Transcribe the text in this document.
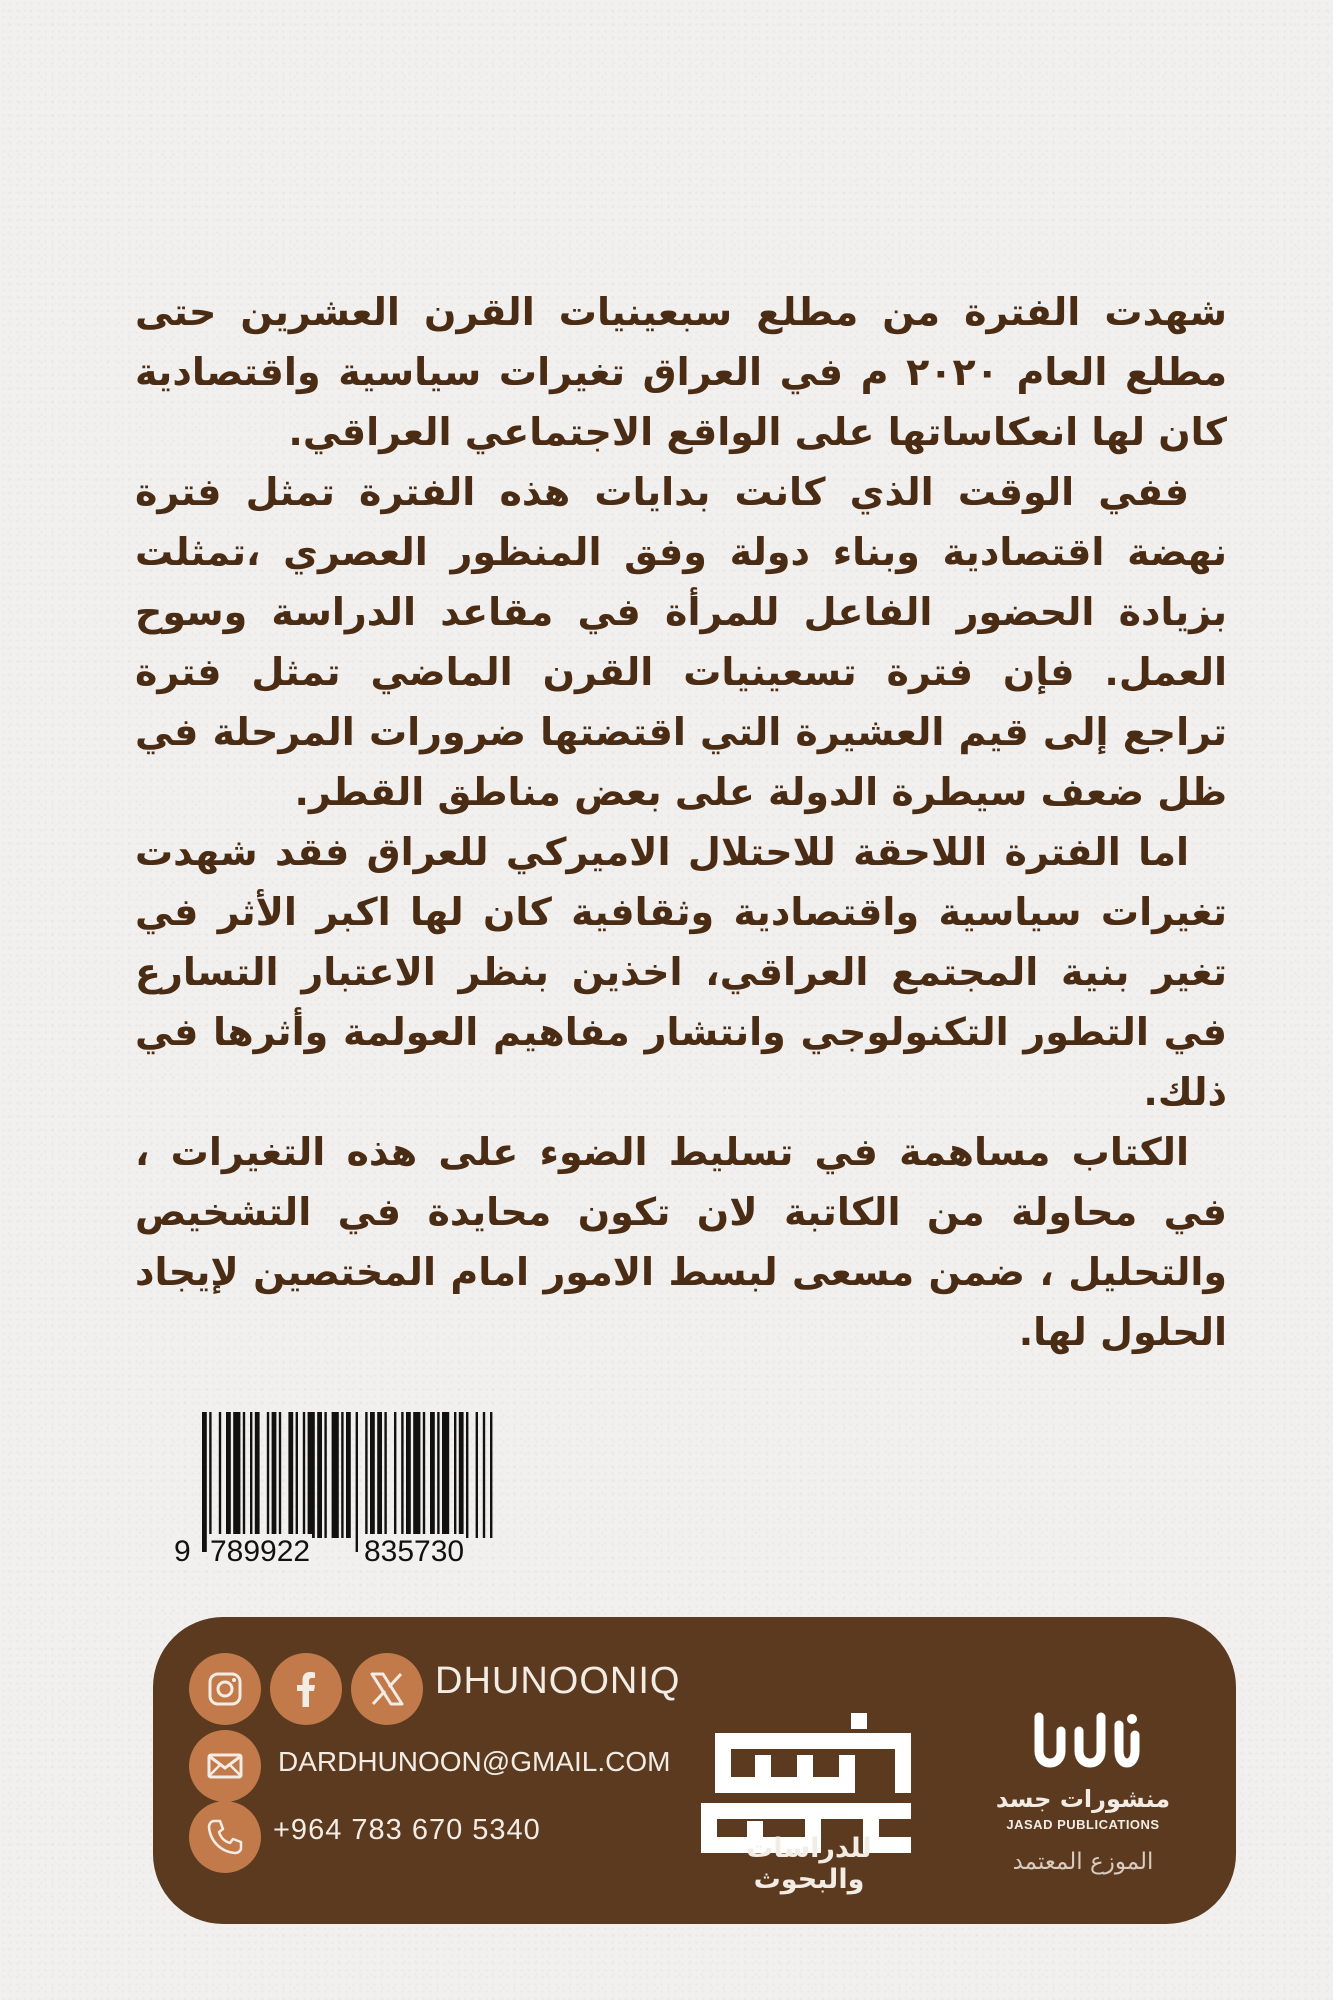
شهدت الفترة من مطلع سبعينيات القرن العشرين حتى مطلع العام ٢٠٢٠ م في العراق تغيرات سياسية واقتصادية كان لها انعكاساتها على الواقع الاجتماعي العراقي.

ففي الوقت الذي كانت بدايات هذه الفترة تمثل فترة نهضة اقتصادية وبناء دولة وفق المنظور العصري ،تمثلت بزيادة الحضور الفاعل للمرأة في مقاعد الدراسة وسوح العمل. فإن فترة تسعينيات القرن الماضي تمثل فترة تراجع إلى قيم العشيرة التي اقتضتها ضرورات المرحلة في ظل ضعف سيطرة الدولة على بعض مناطق القطر.

اما الفترة اللاحقة للاحتلال الاميركي للعراق فقد شهدت تغيرات سياسية واقتصادية وثقافية كان لها اكبر الأثر في تغير بنية المجتمع العراقي، اخذين بنظر الاعتبار التسارع في التطور التكنولوجي وانتشار مفاهيم العولمة وأثرها في ذلك.

الكتاب مساهمة في تسليط الضوء على هذه التغيرات ، في محاولة من الكاتبة لان تكون محايدة في التشخيص والتحليل ، ضمن مسعى لبسط الامور امام المختصين لإيجاد الحلول لها.

9 789922 835730
DHUNOONIQ
DARDHUNOON@GMAIL.COM
+964 783 670 5340
للدراسات والبحوث
منشورات جسد
JASAD PUBLICATIONS
الموزع المعتمد
